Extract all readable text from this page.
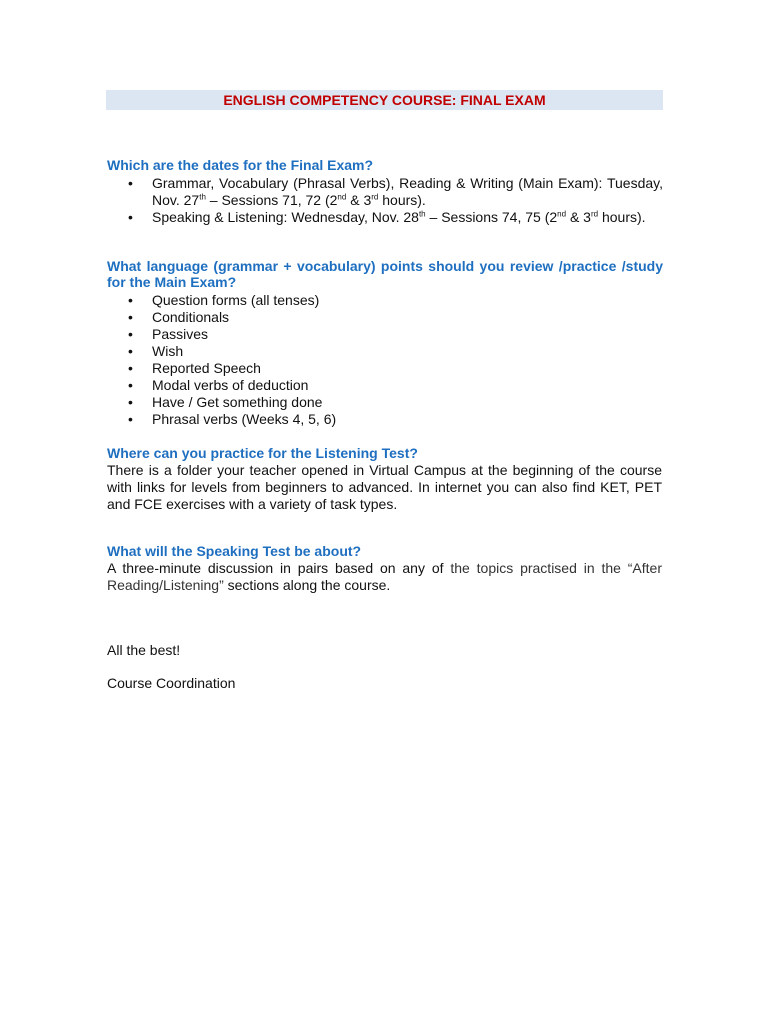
ENGLISH COMPETENCY COURSE: FINAL EXAM
Which are the dates for the Final Exam?
• Grammar, Vocabulary (Phrasal Verbs), Reading & Writing (Main Exam): Tuesday, Nov. 27th – Sessions 71, 72 (2nd & 3rd hours).
• Speaking & Listening: Wednesday, Nov. 28th – Sessions 74, 75 (2nd & 3rd hours).
What language (grammar + vocabulary) points should you review /practice /study for the Main Exam?
• Question forms (all tenses)
• Conditionals
• Passives
• Wish
• Reported Speech
• Modal verbs of deduction
• Have / Get something done
• Phrasal verbs (Weeks 4, 5, 6)
Where can you practice for the Listening Test?
There is a folder your teacher opened in Virtual Campus at the beginning of the course with links for levels from beginners to advanced. In internet you can also find KET, PET and FCE exercises with a variety of task types.
What will the Speaking Test be about?
A three-minute discussion in pairs based on any of the topics practised in the “After Reading/Listening” sections along the course.
All the best!
Course Coordination
